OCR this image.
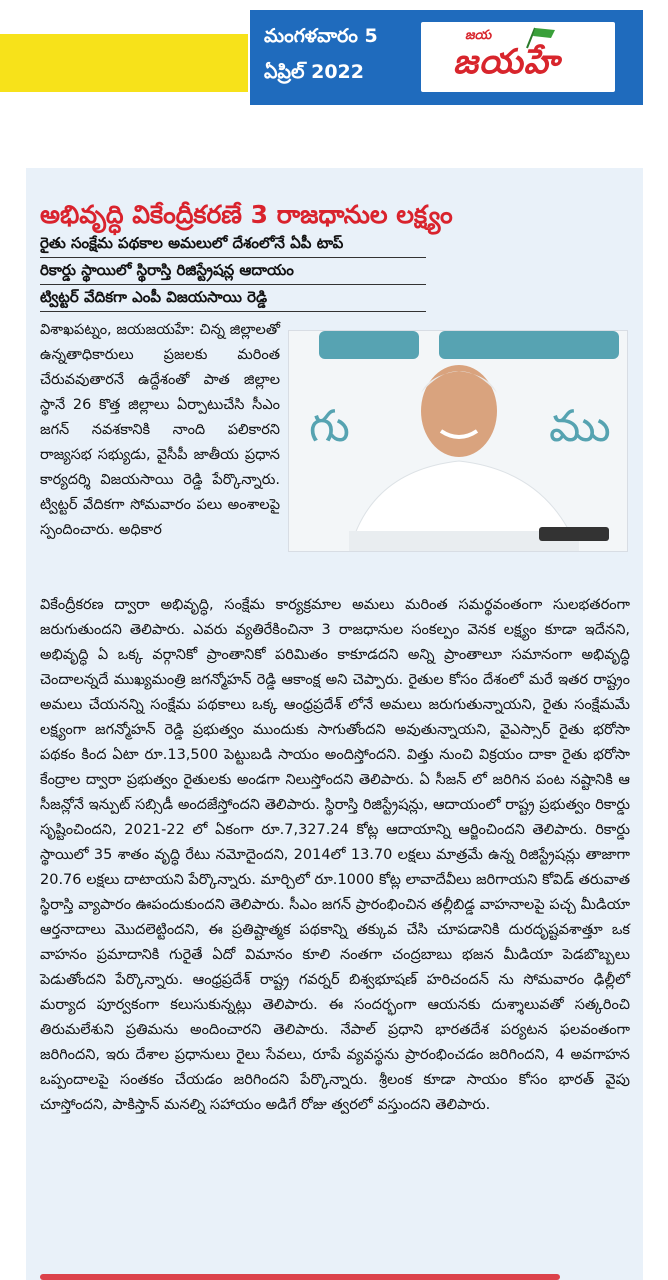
మంగళవారం 5
ఏప్రిల్ 2022
జయ
జయహే
అభివృద్ధి వికేంద్రీకరణే 3 రాజధానుల లక్ష్యం
రైతు సంక్షేమ పథకాల అమలులో దేశంలోనే ఏపీ టాప్
రికార్డు స్థాయిలో స్థిరాస్తి రిజిస్ట్రేషన్ల ఆదాయం
ట్విట్టర్ వేదికగా ఎంపీ విజయసాయి రెడ్డి
విశాఖపట్నం, జయజయహే: చిన్న జిల్లాలతో ఉన్నతాధికారులు ప్రజలకు మరింత చేరువవుతారనే ఉద్దేశంతో పాత జిల్లాల స్థానే 26 కొత్త జిల్లాలు ఏర్పాటుచేసి సీఎం జగన్ నవశకానికి నాంది పలికారని రాజ్యసభ సభ్యుడు, వైసీపీ జాతీయ ప్రధాన కార్యదర్శి విజయసాయి రెడ్డి పేర్కొన్నారు. ట్విట్టర్ వేదికగా సోమవారం పలు అంశాలపై స్పందించారు. అధికార
గు	ము
వికేంద్రీకరణ ద్వారా అభివృద్ధి, సంక్షేమ కార్యక్రమాల అమలు మరింత సమర్థవంతంగా సులభతరంగా జరుగుతుందని తెలిపారు. ఎవరు వ్యతిరేకించినా 3 రాజధానుల సంకల్పం వెనక లక్ష్యం కూడా ఇదేనని, అభివృద్ధి ఏ ఒక్క వర్గానికో ప్రాంతానికో పరిమితం కాకూడదని అన్ని ప్రాంతాలూ సమానంగా అభివృద్ధి చెందాలన్నదే ముఖ్యమంత్రి జగన్మోహన్ రెడ్డి ఆకాంక్ష అని చెప్పారు. రైతుల కోసం దేశంలో మరే ఇతర రాష్ట్రం అమలు చేయనన్ని సంక్షేమ పథకాలు ఒక్క ఆంధ్రప్రదేశ్ లోనే అమలు జరుగుతున్నాయని, రైతు సంక్షేమమే లక్ష్యంగా జగన్మోహన్ రెడ్డి ప్రభుత్వం ముందుకు సాగుతోందని అవుతున్నాయని, వైఎస్సార్ రైతు భరోసా పథకం కింద ఏటా రూ.13,500 పెట్టుబడి సాయం అందిస్తోందని. విత్తు నుంచి విక్రయం దాకా రైతు భరోసా కేంద్రాల ద్వారా ప్రభుత్వం రైతులకు అండగా నిలుస్తోందని తెలిపారు. ఏ సీజన్ లో జరిగిన పంట నష్టానికి ఆ సీజన్లోనే ఇన్పుట్ సబ్సిడీ అందజేస్తోందని తెలిపారు. స్థిరాస్తి రిజిస్ట్రేషన్లు, ఆదాయంలో రాష్ట్ర ప్రభుత్వం రికార్డు సృష్టించిందని, 2021-22 లో ఏకంగా రూ.7,327.24 కోట్ల ఆదాయాన్ని ఆర్జించిందని తెలిపారు. రికార్డు స్థాయిలో 35 శాతం వృద్ధి రేటు నమోదైందని, 2014లో 13.70 లక్షలు మాత్రమే ఉన్న రిజిస్ట్రేషన్లు తాజాగా 20.76 లక్షలు దాటాయని పేర్కొన్నారు. మార్చిలో రూ.1000 కోట్ల లావాదేవీలు జరిగాయని కోవిడ్ తరువాత స్థిరాస్తి వ్యాపారం ఊపందుకుందని తెలిపారు. సీఎం జగన్ ప్రారంభించిన తల్లీబిడ్డ వాహనాలపై పచ్చ మీడియా ఆర్తనాదాలు మొదలెట్టిందని, ఈ ప్రతిష్టాత్మక పథకాన్ని తక్కువ చేసి చూపడానికి దురదృష్టవశాత్తూ ఒక వాహనం ప్రమాదానికి గురైతే ఏదో విమానం కూలి నంతగా చంద్రబాబు భజన మీడియా పెడబొబ్బలు పెడుతోందని పేర్కొన్నారు. ఆంధ్రప్రదేశ్ రాష్ట్ర గవర్నర్ బిశ్వభూషణ్ హరిచందన్ ను సోమవారం ఢిల్లీలో మర్యాద పూర్వకంగా కలుసుకున్నట్లు తెలిపారు. ఈ సందర్భంగా ఆయనకు దుశ్శాలువతో సత్కరించి తిరుమలేశుని ప్రతిమను అందించారని తెలిపారు. నేపాల్ ప్రధాని భారతదేశ పర్యటన ఫలవంతంగా జరిగిందని, ఇరు దేశాల ప్రధానులు రైలు సేవలు, రూపే వ్యవస్థను ప్రారంభించడం జరిగిందని, 4 అవగాహన ఒప్పందాలపై సంతకం చేయడం జరిగిందని పేర్కొన్నారు. శ్రీలంక కూడా సాయం కోసం భారత్ వైపు చూస్తోందని, పాకిస్తాన్ మనల్ని సహాయం అడిగే రోజు త్వరలో వస్తుందని తెలిపారు.
